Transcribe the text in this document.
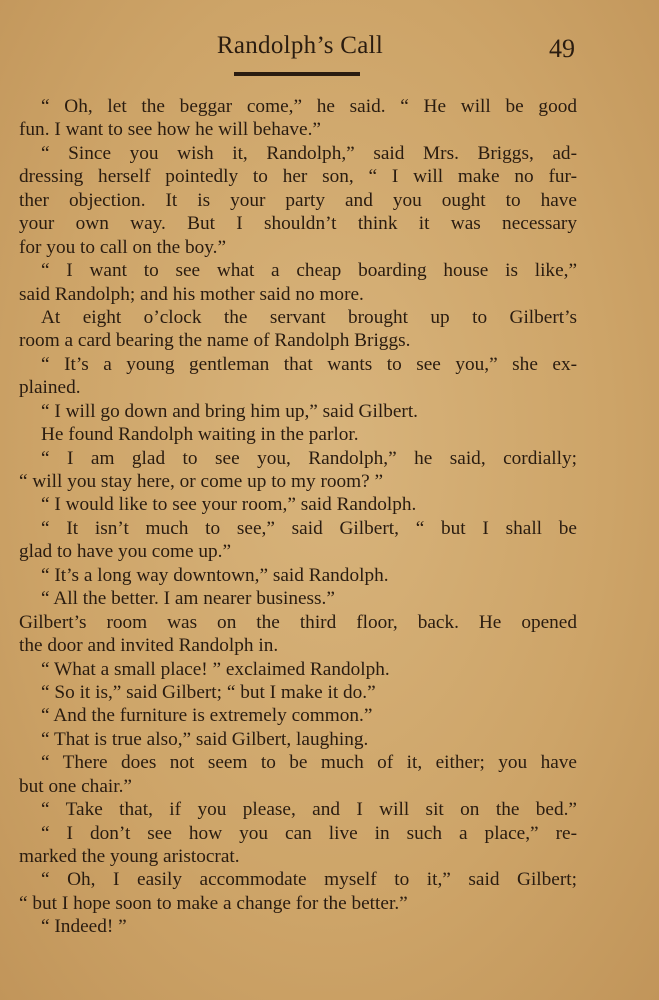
Randolph’s Call	49
“ Oh, let the beggar come,” he said. “ He will be good
fun. I want to see how he will behave.”
“ Since you wish it, Randolph,” said Mrs. Briggs, ad-
dressing herself pointedly to her son, “ I will make no fur-
ther objection. It is your party and you ought to have
your own way. But I shouldn’t think it was necessary
for you to call on the boy.”
“ I want to see what a cheap boarding house is like,”
said Randolph; and his mother said no more.
At eight o’clock the servant brought up to Gilbert’s
room a card bearing the name of Randolph Briggs.
“ It’s a young gentleman that wants to see you,” she ex-
plained.
“ I will go down and bring him up,” said Gilbert.
He found Randolph waiting in the parlor.
“ I am glad to see you, Randolph,” he said, cordially;
“ will you stay here, or come up to my room? ”
“ I would like to see your room,” said Randolph.
“ It isn’t much to see,” said Gilbert, “ but I shall be
glad to have you come up.”
“ It’s a long way downtown,” said Randolph.
“ All the better. I am nearer business.”
Gilbert’s room was on the third floor, back. He opened
the door and invited Randolph in.
“ What a small place! ” exclaimed Randolph.
“ So it is,” said Gilbert; “ but I make it do.”
“ And the furniture is extremely common.”
“ That is true also,” said Gilbert, laughing.
“ There does not seem to be much of it, either; you have
but one chair.”
“ Take that, if you please, and I will sit on the bed.”
“ I don’t see how you can live in such a place,” re-
marked the young aristocrat.
“ Oh, I easily accommodate myself to it,” said Gilbert;
“ but I hope soon to make a change for the better.”
“ Indeed! ”
